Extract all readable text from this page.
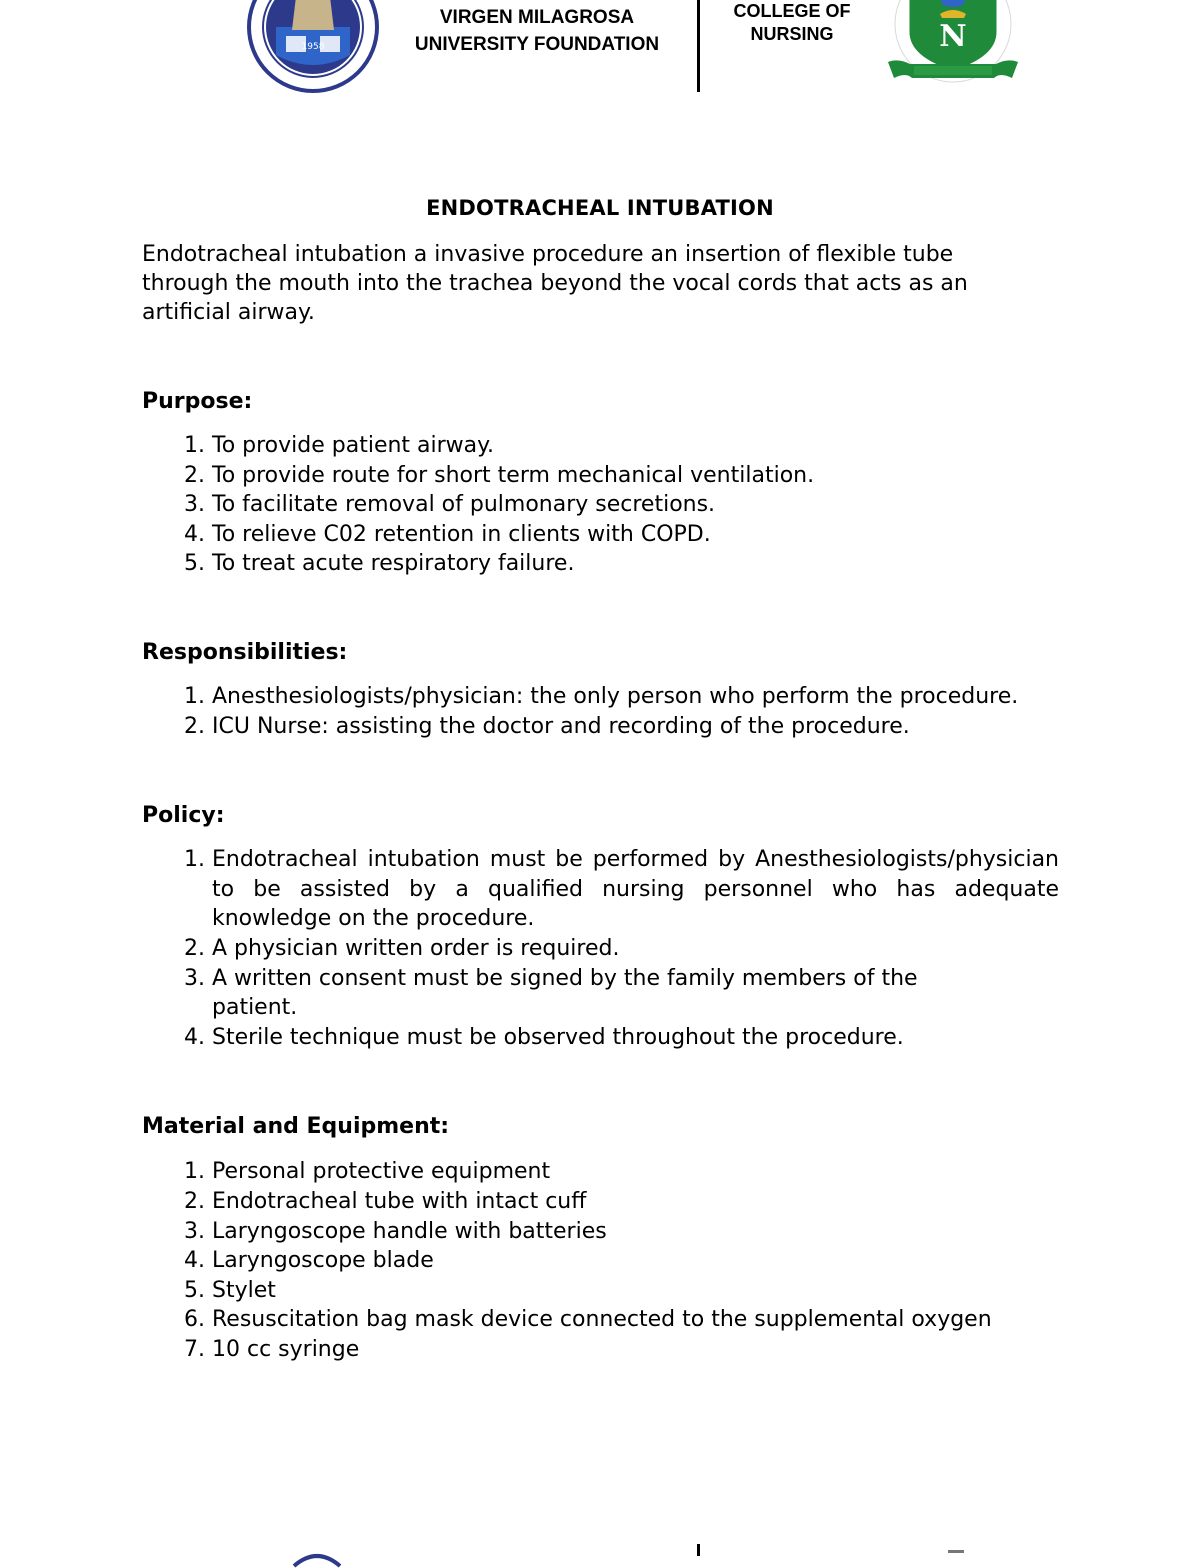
1958
VIRGEN MILAGROSA
UNIVERSITY FOUNDATION
COLLEGE OF
NURSING	N
ENDOTRACHEAL INTUBATION

Endotracheal intubation a invasive procedure an insertion of flexible tube through the mouth into the trachea beyond the vocal cords that acts as an artificial airway.

Purpose:

1. To provide patient airway.
2. To provide route for short term mechanical ventilation.
3. To facilitate removal of pulmonary secretions.
4. To relieve C02 retention in clients with COPD.
5. To treat acute respiratory failure.

Responsibilities:

1. Anesthesiologists/physician: the only person who perform the procedure.
2. ICU Nurse: assisting the doctor and recording of the procedure.

Policy:

1. Endotracheal intubation must be performed by Anesthesiologists/physician to be assisted by a qualified nursing personnel who has adequate knowledge on the procedure.
2. A physician written order is required.
3. A written consent must be signed by the family members of the patient.
4. Sterile technique must be observed throughout the procedure.

Material and Equipment:

1. Personal protective equipment
2. Endotracheal tube with intact cuff
3. Laryngoscope handle with batteries
4. Laryngoscope blade
5. Stylet
6. Resuscitation bag mask device connected to the supplemental oxygen
7. 10 cc syringe
